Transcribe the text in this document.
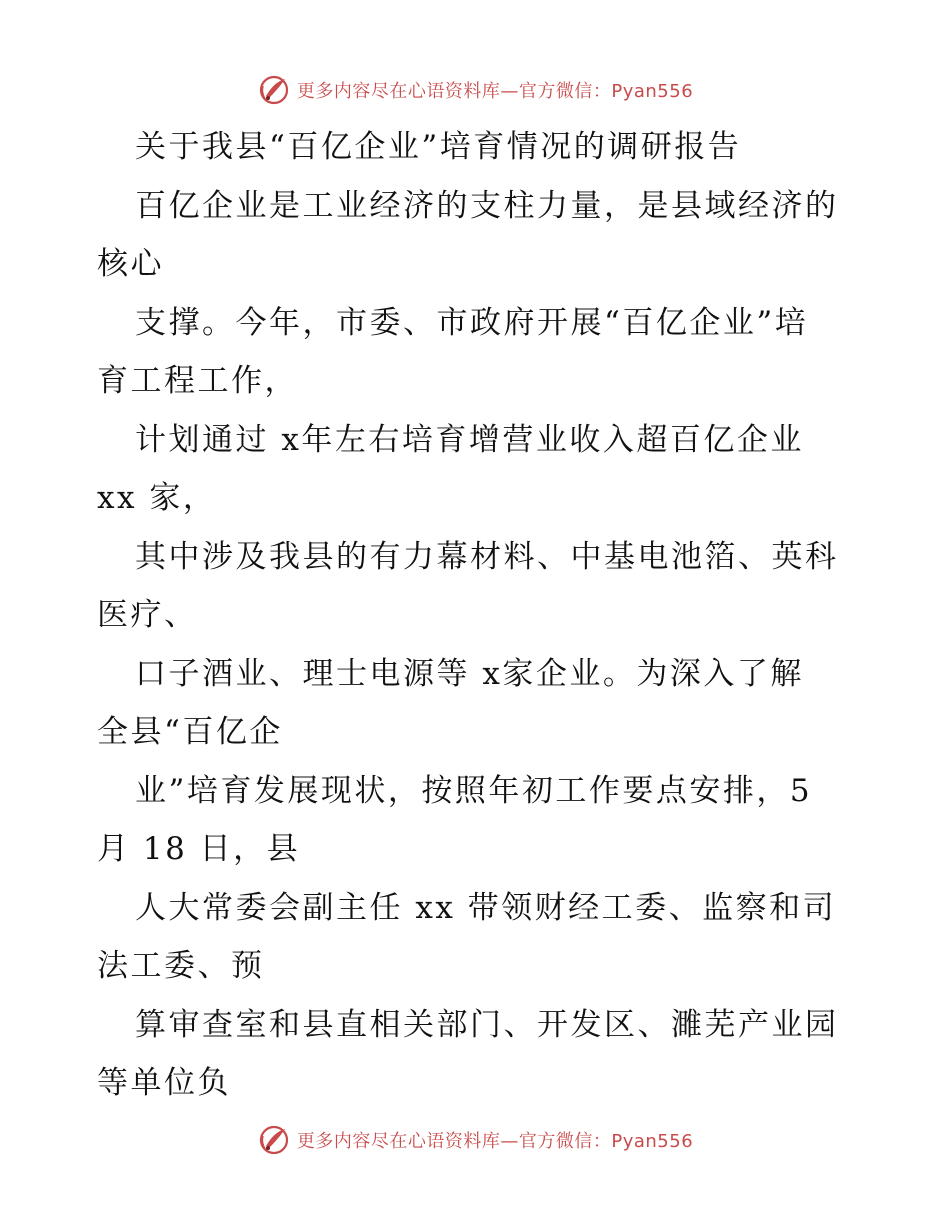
更多内容尽在心语资料库—官方微信：Pyan556
关于我县“百亿企业”培育情况的调研报告
百亿企业是工业经济的支柱力量，是县域经济的
核心
支撑。今年，市委、市政府开展“百亿企业”培
育工程工作，
计划通过 x年左右培育增营业收入超百亿企业
xx 家，
其中涉及我县的有力幕材料、中基电池箔、英科
医疗、
口子酒业、理士电源等 x家企业。为深入了解
全县“百亿企
业”培育发展现状，按照年初工作要点安排，5
月 18 日，县
人大常委会副主任 xx 带领财经工委、监察和司
法工委、预
算审查室和县直相关部门、开发区、濉芜产业园
等单位负
更多内容尽在心语资料库—官方微信：Pyan556
